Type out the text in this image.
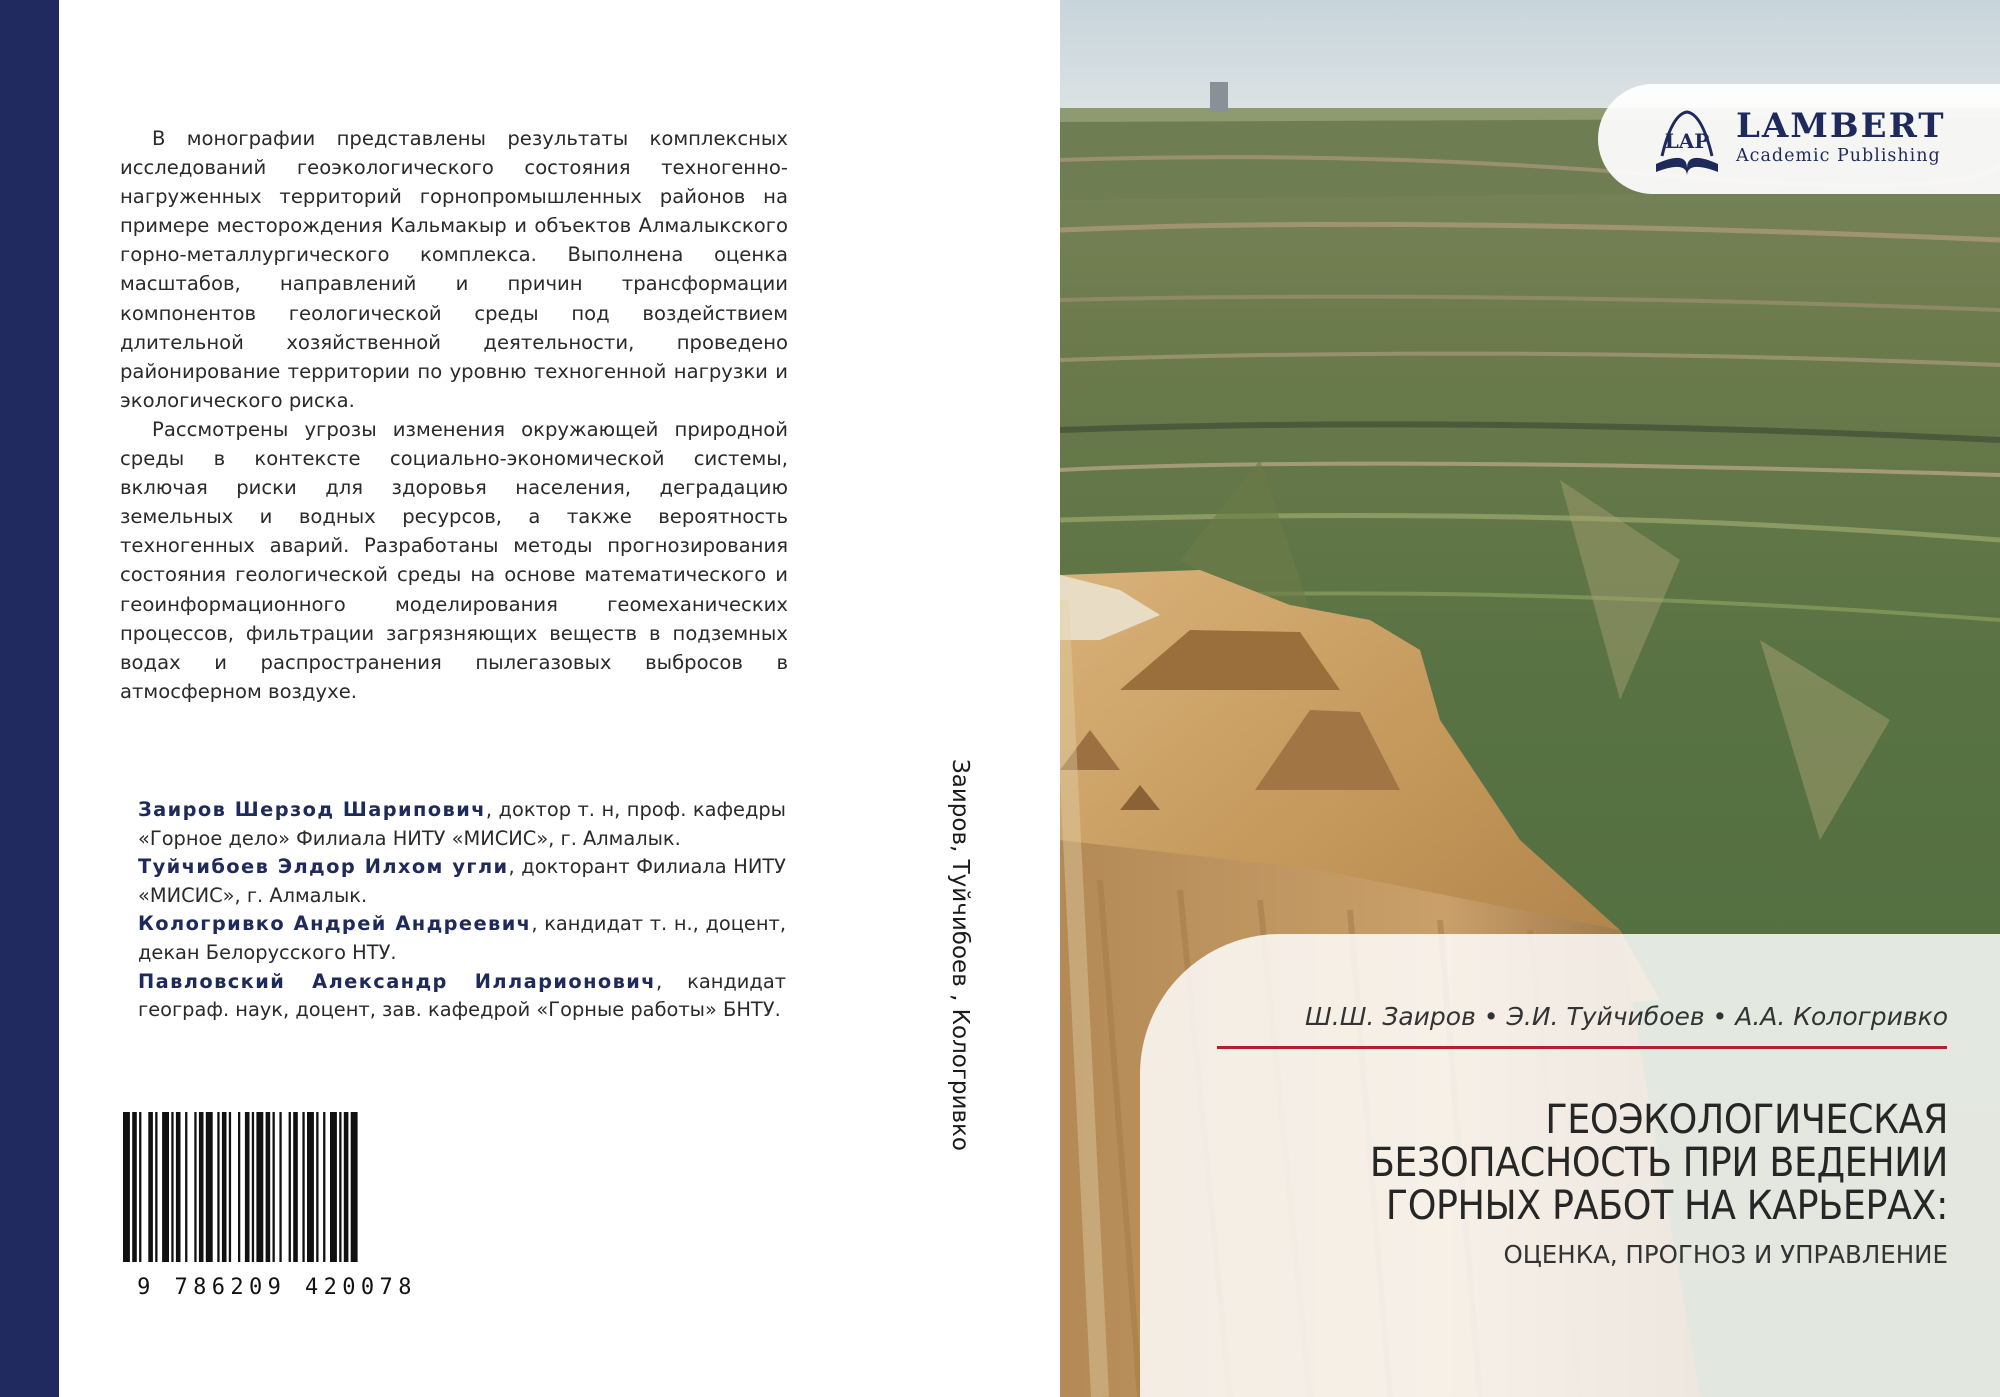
В монографии представлены результаты комплексных исследований геоэкологического состояния техногенно-нагруженных территорий горнопромышленных районов на примере месторождения Кальмакыр и объектов Алмалыкского горно-металлургического комплекса. Выполнена оценка масштабов, направлений и причин трансформации компонентов геологической среды под воздействием длительной хозяйственной деятельности, проведено районирование территории по уровню техногенной нагрузки и экологического риска.

Рассмотрены угрозы изменения окружающей природной среды в контексте социально-экономической системы, включая риски для здоровья населения, деградацию земельных и водных ресурсов, а также вероятность техногенных аварий. Разработаны методы прогнозирования состояния геологической среды на основе математического и геоинформационного моделирования геомеханических процессов, фильтрации загрязняющих веществ в подземных водах и распространения пылегазовых выбросов в атмосферном воздухе.

Заиров Шерзод Шарипович, доктор т. н, проф. кафедры «Горное дело» Филиала НИТУ «МИСИС», г. Алмалык.

Туйчибоев Элдор Илхом угли, докторант Филиала НИТУ «МИСИС», г. Алмалык.

Кологривко Андрей Андреевич, кандидат т. н., доцент, декан Белорусского НТУ.

Павловский Александр Илларионович, кандидат географ. наук, доцент, зав. кафедрой «Горные работы» БНТУ.

9 786209 420078
Заиров, Туйчибоев , Кологривко
LAP LAMBERT
Academic Publishing
Ш.Ш. Заиров • Э.И. Туйчибоев • А.А. Кологривко
ГЕОЭКОЛОГИЧЕСКАЯ
БЕЗОПАСНОСТЬ ПРИ ВЕДЕНИИ
ГОРНЫХ РАБОТ НА КАРЬЕРАХ:
ОЦЕНКА, ПРОГНОЗ И УПРАВЛЕНИЕ
